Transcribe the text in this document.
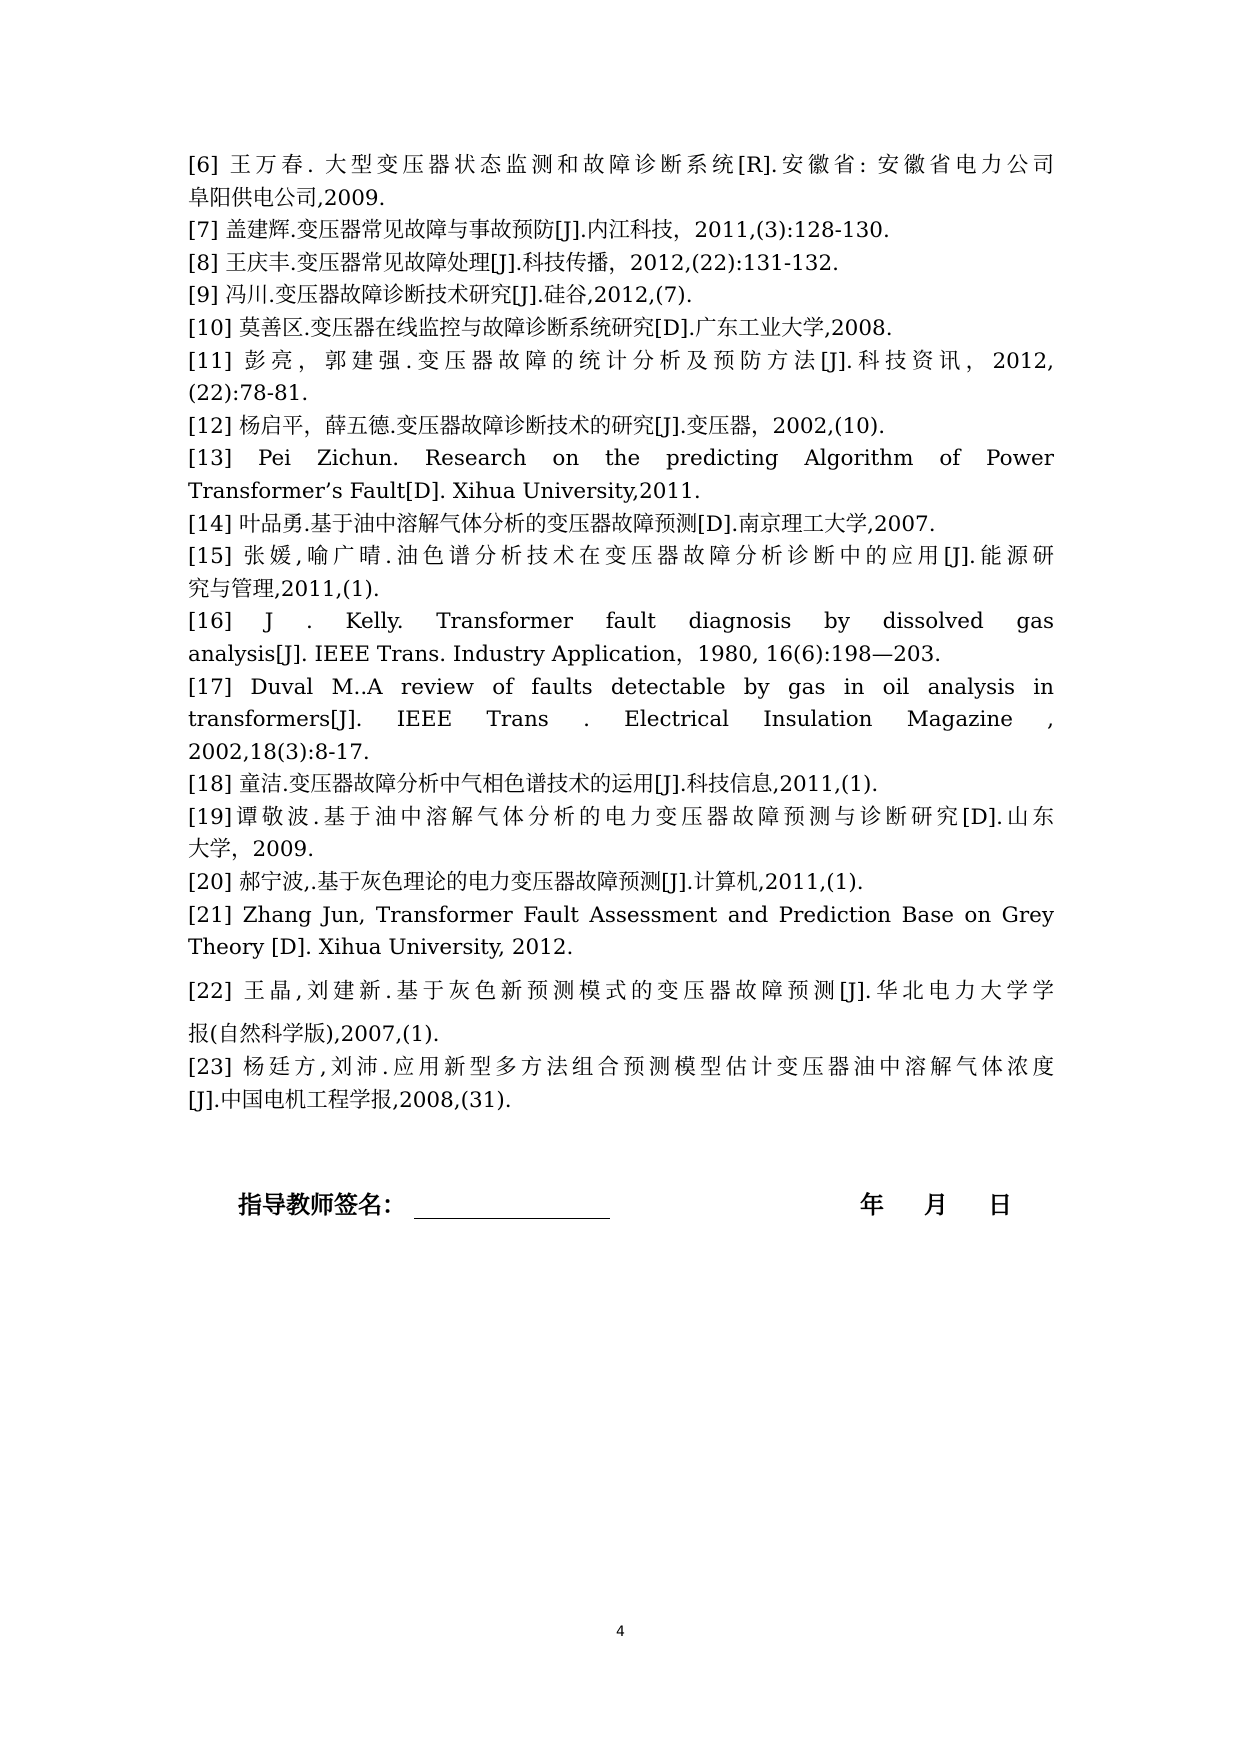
[6] 王万春. 大型变压器状态监测和故障诊断系统[R].安徽省: 安徽省电力公司
阜阳供电公司,2009.

[7] 盖建辉.变压器常见故障与事故预防[J].内江科技，2011,(3):128-130.

[8] 王庆丰.变压器常见故障处理[J].科技传播，2012,(22):131-132.

[9] 冯川.变压器故障诊断技术研究[J].硅谷,2012,(7).

[10] 莫善区.变压器在线监控与故障诊断系统研究[D].广东工业大学,2008.

[11] 彭亮，郭建强.变压器故障的统计分析及预防方法[J].科技资讯，2012,
(22):78-81.

[12] 杨启平，薛五德.变压器故障诊断技术的研究[J].变压器，2002,(10).

[13] Pei Zichun. Research on the predicting Algorithm of Power
Transformer’s Fault[D]. Xihua University,2011.

[14] 叶品勇.基于油中溶解气体分析的变压器故障预测[D].南京理工大学,2007.

[15] 张媛,喻广晴.油色谱分析技术在变压器故障分析诊断中的应用[J].能源研
究与管理,2011,(1).

[16] J . Kelly. Transformer fault diagnosis by dissolved gas
analysis[J]. IEEE Trans. Industry Application，1980, 16(6):198—203.

[17] Duval M..A review of faults detectable by gas in oil analysis in
transformers[J]. IEEE Trans . Electrical Insulation Magazine ,
2002,18(3):8-17.

[18] 童洁.变压器故障分析中气相色谱技术的运用[J].科技信息,2011,(1).

[19]谭敬波.基于油中溶解气体分析的电力变压器故障预测与诊断研究[D].山东
大学，2009.

[20] 郝宁波,.基于灰色理论的电力变压器故障预测[J].计算机,2011,(1).

[21] Zhang Jun, Transformer Fault Assessment and Prediction Base on Grey
Theory [D]. Xihua University, 2012.

[22] 王晶,刘建新.基于灰色新预测模式的变压器故障预测[J].华北电力大学学
报(自然科学版),2007,(1).

[23] 杨廷方,刘沛.应用新型多方法组合预测模型估计变压器油中溶解气体浓度
[J].中国电机工程学报,2008,(31).

指导教师签名：	年 月 日
4
